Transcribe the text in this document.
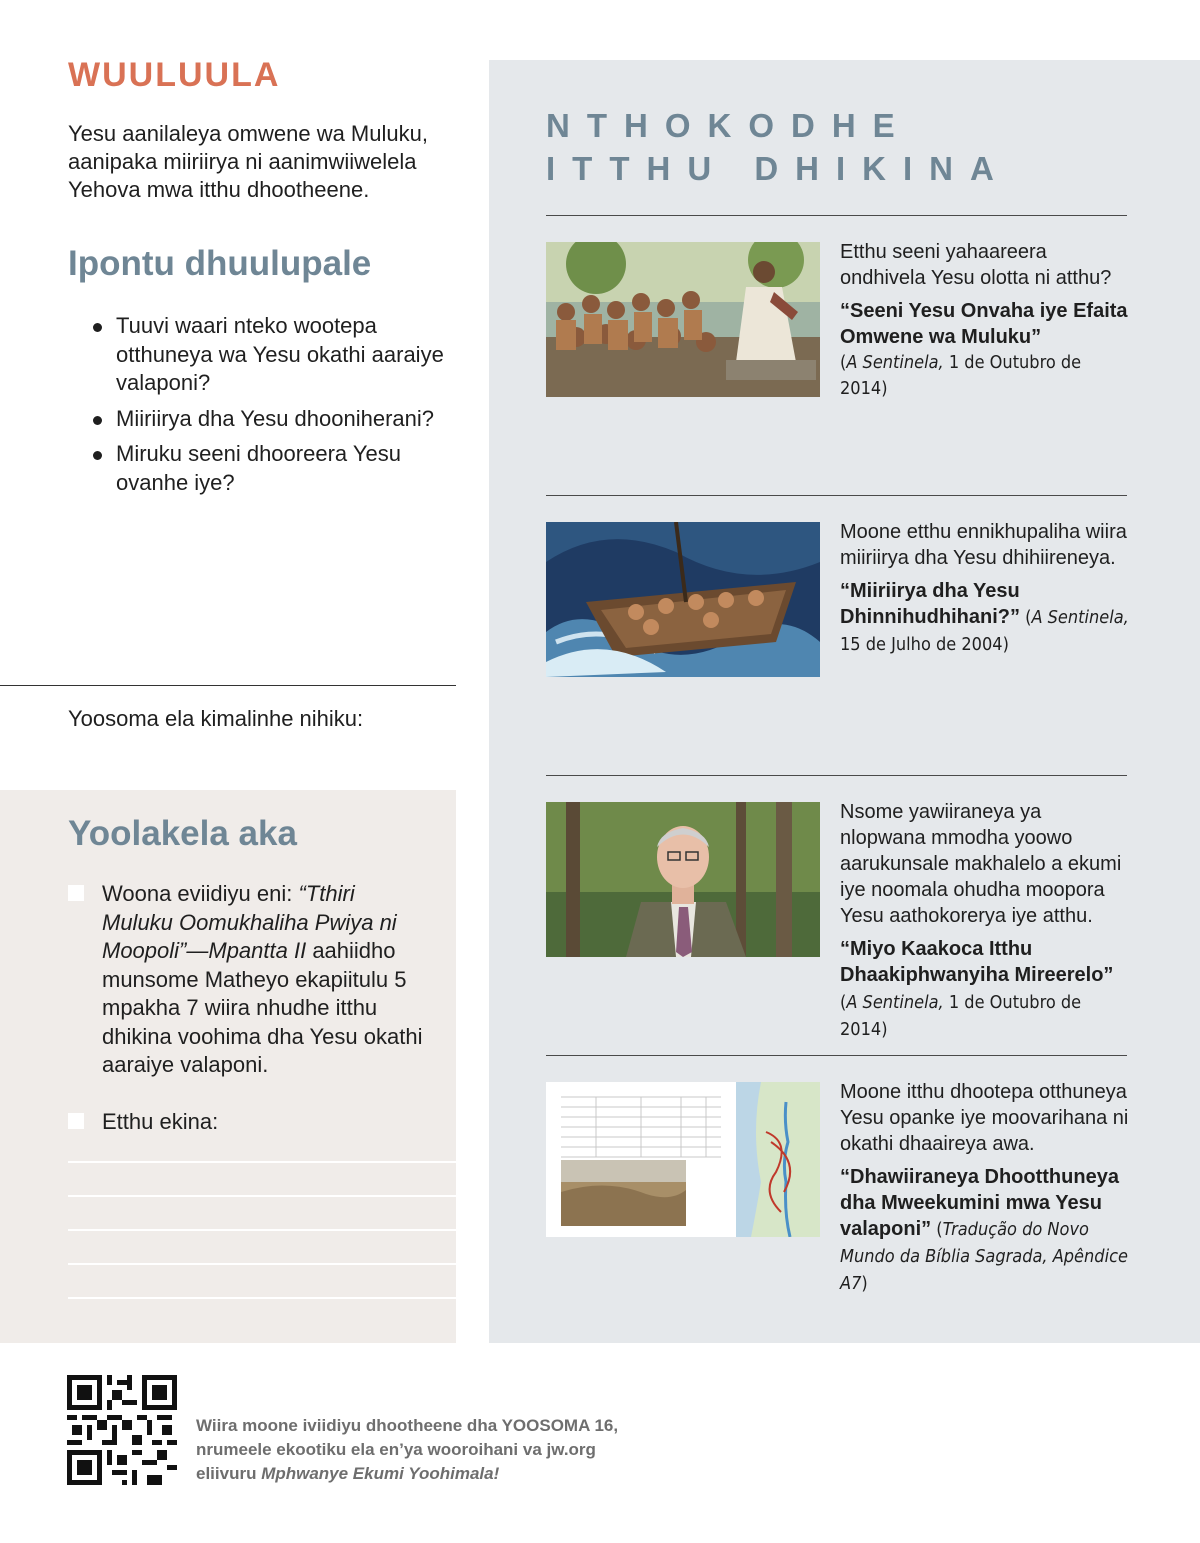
WUULUULA
Yesu aanilaleya omwene wa Muluku, aanipaka miiriirya ni aanimwiiwelela Yehova mwa itthu dhootheene.
Ipontu dhuulupale
Tuuvi waari nteko wootepa otthuneya wa Yesu okathi aaraiye valaponi?
Miiriirya dha Yesu dhooniherani?
Miruku seeni dhooreera Yesu ovanhe iye?
Yoosoma ela kimalinhe nihiku:
Yoolakela aka
Woona eviidiyu eni: “Tthiri Muluku Oomukhaliha Pwiya ni Moopoli”—Mpantta II aahiidho munsome Matheyo ekapiitulu 5 mpakha 7 wiira nhudhe itthu dhikina voohima dha Yesu okathi aaraiye valaponi.
Etthu ekina:
NTHOKODHE
ITTHU DHIKINA

Etthu seeni yahaareera ondhivela Yesu olotta ni atthu?

“Seeni Yesu Onvaha iye Efaita Omwene wa Muluku”
(A Sentinela, 1 de Outubro de 2014)

Moone etthu ennikhupaliha wiira miiriirya dha Yesu dhihiireneya.

“Miiriirya dha Yesu Dhinnihudhihani?” (A Sentinela, 15 de Julho de 2004)

Nsome yawiiraneya ya nlopwana mmodha yoowo aarukunsale makhalelo a ekumi iye noomala ohudha moopora Yesu aathokorerya iye atthu.

“Miyo Kaakoca Itthu Dhaakiphwanyiha Mireerelo” (A Sentinela, 1 de Outubro de 2014)

Moone itthu dhootepa otthuneya Yesu opanke iye moovarihana ni okathi dhaaireya awa.

“Dhawiiraneya Dhootthuneya dha Mweekumini mwa Yesu valaponi” (Tradução do Novo Mundo da Bíblia Sagrada, Apêndice A7)
Wiira moone iviidiyu dhootheene dha YOOSOMA 16, nrumeele ekootiku ela en’ya wooroihani va jw.org eliivuru Mphwanye Ekumi Yoohimala!
